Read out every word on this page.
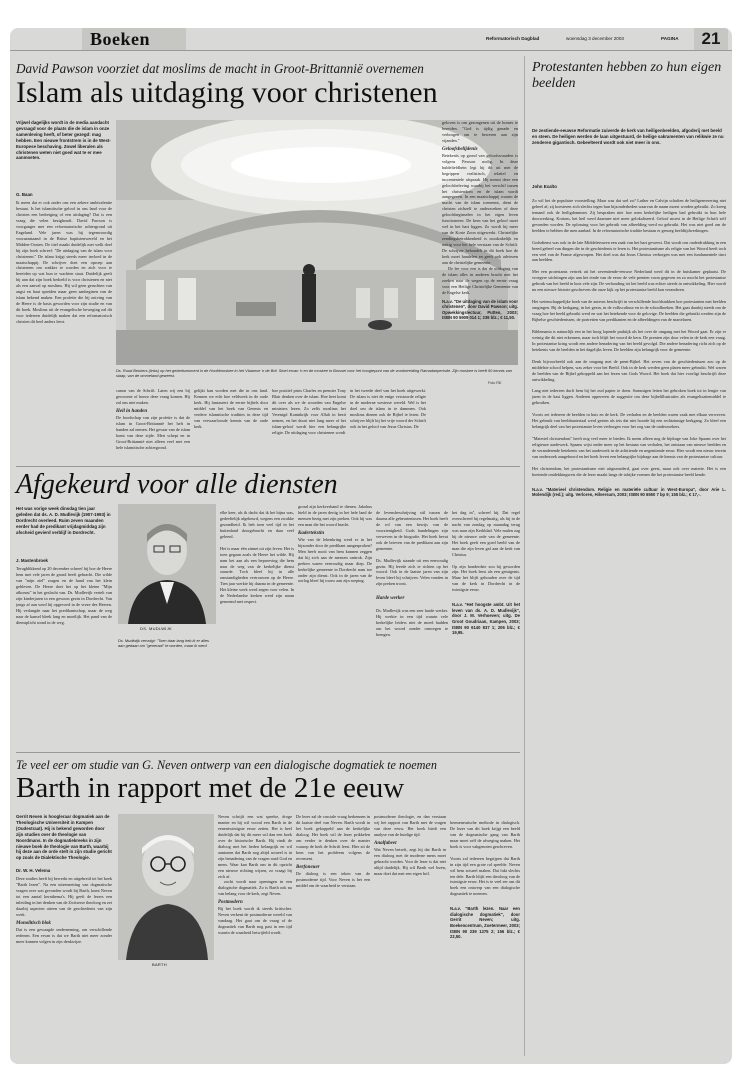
Boeken	Reformatorisch Dagblad	woensdag 3 december 2003	PAGINA	21
David Pawson voorziet dat moslims de macht in Groot-Brittannië overnemen
Islam als uitdaging voor christenen
Vrijwel dagelijks wordt in de media aandacht gevraagd voor de plaats die de islam in onze samenleving heeft, of beter gezegd: mag hebben. Een nieuwe frontstrem is in de West-Europese beschaving. Zowel liberalen als christenen weten niet goed wat te er mee aanmoeten.
G. Baan

Ik meen dat er ook onder ons een zekere ambivalentie bestaat. Is het islamitische geloof in ons land voor de christen een bedreiging of een uitdaging? Dat is een vraag die velen bezighoudt. David Pawson is voorganger met een reformatorische achtergrond uit Engeland. Vele jaren was hij tegenwoordig vooraanstaand in de Britse baptistenwereld en het Midden-Oosten. De titel maakt duidelijk met welk doel hij zijn boek schreef: "De uitdaging van de islam voor christenen." De islam krijgt steeds meer invloed in de maatschappij. De schrijver doet een oproep aan christenen om wakker te worden en zich voor te bereiden op wat hun te wachten staat. Duidelijk geeft hij aan dat zijn boek bedoeld is voor christenen en niet als een aanval op moslims. Hij wil geen geruchten van angst en haat spreiden maar geen aanbeginen van de islam bekend maken. Een profetie die hij ontving van de Heere is de basis geworden voor zijn studie en van dit boek. Moslims uit de evangelische beweging zal dit voor iedereen duidelijk maken dat een reformatorisch christen dit heel anders leest.

Ds. Ruud Beukers (links) op het gebedsmoment in de Hoofdmoskee in het Vlaamse 'n de Brit. Stoel ervan 'n en de moskee in Brussel voor het hoogtepunt van de voorbereiding Ramadanperiode. Zijn moskee is heeft 50 kennis van slaap, van de ommeland geweest.
Foto RD

canon van de Schrift. Laten wij een bij gewoonte of hoezo deze vraag komen. Hij zal ons niet maken.

Heil in handen

De boodschap van zijn profetie is dat de islam in Groot-Brittannië het heft in handen zal nemen. Het gevaar van de islam komt van deze zijde. Men schept en in Groot-Brittannië niet alleen veel met een hele islamitische achtergrond.

gelijkt kan worden met die in ons land. Kennen we echt hoe veldwerk in de oude kerk. Hij fantaseert de eerste bijbels door middel van het boek van Genesis en verdere islamitische tradities in deze tijd van verwaarloosde kennis van de oude kerk.

hoe positief prins Charles en premier Tony Blair denken over de islam. Hoe heet komt dit over als we de woorden van Engelse ministers lezen. Zo zelfs moslims het Verenigd Koninkrijk voor Allah in bezit nemen, en het duurt niet lang meer of het islam-geloof wordt hier een belangrijke religie. De uitdaging voor christenen wordt

in het tweede deel van het boek uitgewerkt. De islam is niet de enige verstoorde religie in de moderne westerse wereld. Wel is het doel om de islam in te dammen. Ook moslims dienen ook de Bijbel te lezen. De schrijver blijft bij het vrije woord der Schrift ook in het geloof van Jezus Christus. De

geloven is om gezongenen uit de homes te bereiden. "God is tijdig genade en verborgen om te beweren aan zijn vijanden."

Geloofsbelijdenis

Betekenis op grond van geloofswaarden is volgens Pawson nodig. In deze huldeliefdhein legt hij dit uit met de begrippen realistisch, relatief en incrementele afspraak. Hij noemt deze een geloofsbeleving waarbij het verschil tussen het christendom en de islam wordt aangegeven. In een maatschappij waarin de macht van de islam toeneemt, dient de christen zichzelf te onderzoeken of deze geloofsbeginselen in het eigen leven functioneren. De kern van het geloof moet wel in het hart liggen. Zo wordt hij meer van de Korte Zoon uitgewerkt. Christelijke zendingsbetrokkenheid is noodzakelijk en nuttig voor het hele verstaan van de Schrift. De schrijver behandelt in dit boek hoe de kerk moet handelen en geeft ook adviezen aan de christelijke gemeente.

De lee voor een is dat de uitdaging van de islam alles in anderen bracht met het zoeken naar de wegen op de eerste vraag voor een Heilige Christelijke Gemeente van de Engelse kerk.

N.a.v. "De uitdaging van de islam voor christenen", door David Pawson; uitg. Opwekkingslectuur, Putten, 2003; ISBN 90 5909 014 1; 239 blz.; € 11,50.
Protestanten hebben zo hun eigen beelden
De zestiende-eeuwse Reformatie zuiverde de kerk van heiligenbeelden, afgoderij met beeld en steen. De heiligen werden de laan uitgestuurd, de heilige sakramenten van relikwie ze nu zenderen gigantisch. Gebeelteerd wordt ook niet meer in ons.
John Exalto

Zo wil het de populaire voorstelling. Maar was dat wel zo? Luther en Calvijn schaften de heiligenverering niet geheel af; zij koesteren zich slechts tegen hun bijzonderheden waarvan de naam moest worden gebruikt. Zo kreeg iemand ook de heiligdommen. Zij bespraken niet hoe men kerkelijke heiligen had gebruikt in hun hele doorwerking. Kortom, het heil werd daarmee niet meer gelokaliseerd. Geloof moest in de Heilige Schrift zelf gevonden worden. De oplossing voor het gebruik van afbeelding werd nu gebruikt. Het was niet goed om de beelden te hebben die men aanbad. In de reformatorische traditie bestaan er genoeg beeldtijdwerkingen.

Godsdienst was ook in de late Middeleeuwen een zaak van het hart geweest. Dat wordt ons onderdrukking in een breed geheel van dingen die in de geschiedenis te leren is. Het protestantisme als religie van het Woord heeft toch een veel van de Franse afgeworpen. Het doel was dat Jezus Christus verborgen was met een fundamentele tinct aan beelden.

Met een protestants vertrek uit het zeventiende-eeuwse Nederland werd dit in de huiskamer geplaatst. De vroegere stichtingen zijn aan het einde van de eeuw de vele prenten vorm gegeven en zo mocht het protestantse gebruik van het beeld in huis vele zijn. De verhouding tot het beeld was echter steeds in ontwikkeling. Hier wordt nu een nieuwe historie geschreven die onze kijk op het protestantse beeld kan veranderen.

Het wetenschappelijke boek van de auteurs beschrijft in verschillende hoofdstukken hoe protestanten met beelden omgingen. Bij de kerkgang, in het gezin, in de volkscultuur en in de schoolboeken. Het gaat daarbij steeds om de vraag hoe het beeld gebruikt werd en wat het betekende voor de gelovige. De beelden die gebruikt werden zijn de Bijbelse geschiedenissen, de portretten van predikanten en de afbeeldingen van de martelaren.

Biblemania is natuurlijk een in het hoog lopende praktijk als het over de omgang met het Woord gaat. Er zijn er weinig die dit niet erkennen, maar toch blijft het woord de kern. De prenten zijn door velen in de kerk een vraag. In protestantse kring wordt een andere benadering van het beeld gevolgd. Die andere benadering richt zich op de betekenis van de beelden in het dagelijks leven. De beelden zijn belangrijk voor de gemeente.

Denk bijvoorbeeld ook aan de omgang met de prent-Bijbel. Het zeven van de geschiedenissen zou op de middelste school helpen, was zeker voor het Beeld. Ook in de kerk werden geen platen meer gebruikt. Wel waren de beelden van de Bijbel gekoppeld aan het lezen van Gods Woord. Het boek dat hier voorligt beschrijft deze ontwikkeling.

Lang niet iedereen durft hem bij het oud papier te doen. Sommigen letten het gebroken boek tot in lengte van jaren in de kast liggen. Anderen oppereren de suggestie om deze bijbelillustraties als evangelisatiemiddel te gebruiken.

Voorts zet iedereen de beelden in huis en de kerk. De verhalen en de beelden waren vaak met elkaar verweven. Het gebruik van beeldmateriaal werd gezien als iets dat niet hoorde bij een rechtzinnige kerkgang. Zo bleef een belangrijk deel van het protestantse leven verborgen voor het oog van de onderzoekers.

"Materiel christendom" heeft nog veel meer te bieden. Ik noem alleen nog de bijdrage van Joke Spaans over het religieuze aardewerk. Spaans wijst onder meer op het bestaan van verhalen, het ontstaan van nieuwe beelden en de veranderende betekenis van het aardewerk in de achttiende en negentiende eeuw. Hier wordt een nieuw terrein van onderzoek aangeboord en het boek levert een belangrijke bijdrage aan de kennis van de protestantse cultuur.

Het christendom, het protestantisme niet uitgezonderd, gaat over geest, maar ook over materie. Het is een boeiende ontdekkingsreis die de lezer maakt langs de talrijke vormen die het protestantse beeld kende.

N.a.v. "Materieel christendom. Religie en materiële cultuur in West-Europa", door Arie L. Molendijk (red.); uitg. Verloren, Hilversum, 2003; ISBN 90 6550 7 bp 9; 155 blz.; € 17,-.

Afgekeurd voor alle diensten
Het was vorige week dinsdag tien jaar geleden dat ds. A. D. Mudlevijk (1907-1993) in Dordrecht overleed. Ruim zeven maanden eerder had de predikant vrijdagmiddag zijn afscheid gevierd verblijf in Dordrecht.
J. Mastenbroek

Terugblikkend op 20 december schreef hij hoe de Heere hem met vele jaren de grond heeft gebracht. Die wilde van "mijn ziel" zorgen en de hand van het klein gebleven. De Heere doet het op het kleine "Mijn afkomst" in het geslacht van. Ds. Mudlevijk vertelt van zijn kinderjaren in een gewoon gezin in Dordrecht. Van jongs af aan werd hij opgevoed in de vreze des Heeren. Hij verlangde naar het predikantschap, maar de weg naar de kansel bleek lang en moeilijk. Het pand van de dienstplicht stond in de weg.

DS. MUDLWIJK
Ds. Mudlwijk vervolgt: "Toen daar lang heb ik er alles aan gedaan om "generaal" te worden, maar ik werd

elke keer, als ik dacht dat ik het bijna was, gedeeltelijk afgekeurd, wegens een zwakke gezondheid. Ik heb toen veel tijd in het buitenland doorgebracht en daar veel geleerd.

Het is maar één zinnet uit zijn leven. Het is toen gegaan zoals de Heere het wilde. Hij nam het aan als een beproeving die hem naar de weg van de kerkelijke dienst stuurde. Toch bleef hij in alle omstandigheden vertrouwen op de Heere. Tien jaar werkte hij daarna in de gemeente. Het kleine werk werd zegen voor velen. In de Nederlandse kerken werd zijn naam genoemd met respect.

grond zijn kerkverband te dienen. Jakobus hield in de jaren dertig in het hele land de mensen bezig met zijn preken. Ook hij was een man die het woord bracht.

Kadertekstin

Wie van de lekenkring werd er in het bijzonder door de predikant aangesproken? Men heeft nooit van hem kunnen zeggen dat hij zich aan de mensen onttrok. Zijn preken waren eenvoudig maar diep. De kerkelijke gemeente in Dordrecht nam toe onder zijn dienst. Ook in de jaren van de oorlog bleef hij trouw aan zijn roeping.

de levensbeschrijving stil tussen de daarna alle gebeurtenissen. Het boek heeft de rol van een bewijs van de voorzienigheid. Gods handelingen zijn verweven in de biografie. Het boek bevat ook de brieven van de predikant aan zijn gemeente.

Ds. Mudlevijk stamde uit een eenvoudig gezin. Hij leerde zich te richten op het woord. Ook in de laatste jaren van zijn leven bleef hij schrijven. Velen vonden in zijn preken troost.

Harde werker

Ds. Mudlevijk was een zeer harde werker. Hij werkte in een tijd waarin vele kerkelijke leiders niet de moed hadden om het woord zonder omwegen te brengen.

het dag in", schreef hij. Dat regel overschreed hij regelmatig, als hij in de nacht van zondag op maandag terug was naar zijn Kerkblad. Vele malen zag hij de nieuwe orde van de gemeente. Het boek geeft een goed beeld van de man die zijn leven gaf aan de kerk van Christus.

Op zijn honderdste zou hij geworden zijn. Het boek leest als een getuigenis. Maar het blijft gehouden over de tijd van de kerk in Dordrecht in de twintigste eeuw.

N.a.v. "Het hoogste ambt. Uit het leven van ds. A. D. Mudlevijk", door J. M. Verhoeven; uitg. De Groot Goudriaan, Kampen, 2003; ISBN 90 6140 837 1; 206 blz.; € 19,95.

Te veel eer om studie van G. Neven ontwerp van een dialogische dogmatiek te noemen
Barth in rapport met de 21e eeuw
Gerrit Neven is hoogleraar dogmatiek aan de Theologische Universiteit in Kampen (Oudestraat). Hij is bekend geworden door zijn studies over de theologie van Noordmans. In de dogmatiekreeks in zijn nieuwe boek de theologie van Barth, waarbij hij deze aan de orde stelt in zijn studie gericht op zoals de Dialektische Theologie.
Dr. W. H. Velema

Deze studies heeft hij bewerkt en uitgebreid tot het boek "Barth lezen". Na een uiteenzetting van dogmatische vragen over wat gevonden wordt bij Barth, komt Neven tot een aantal kernthema's. Hij geeft de lezers een inleiding in het denken van de Zwitserse theoloog en zet daarbij aspecten uiteen van de geschiedenis van zijn werk.

Monolitisch blok

Dat is een gewaagde onderneming, om verschillende redenen. Een ervan is dat we Barth niet meer zonder meer kunnen volgen in zijn denkwijze.

BARTH

Neven schrijft een wat speelse, droge manier en hij wil vooral een Barth in de eenentwintigste eeuw zetten. Het is heel duidelijk dat hij dit meer wil dan een boek over de historische Barth. Hij vindt de dialoog met het heden belangrijk en wil aantonen dat Barth nog altijd actueel is in zijn benadering van de vragen rond God en mens. Waar kan Barth ons in dit opzicht een nieuwe richting wijzen, zo vraagt hij zich af.

zocht wordt naar openingen in een dialogische dogmatiek. Zo is Barth ook nu van belang voor de kerk, zegt Neven.

Postmodern

Bij het boek wordt ik steeds kritischer. Neven verkent de postmoderne wereld van vandaag. Het gaat om de vraag of de dogmatiek van Barth nog past in een tijd waarin de waarheid betwijfeld wordt.

De lezer zal de cruciale vraag herkennen in dit laatste deel van Neven. Barth wordt in het boek gekoppeld aan de kerkelijke dialoog. Het boek wil de lezer prikkelen om verder te denken over de manier waarop de kerk de Schrift leest. Hier zit de kern van het probleem volgens de recensent.

Berfoneuer

De dialoog is een teken van de postmoderne tijd. Voor Neven is het een middel om de waarheid te verstaan.

postmoderne theologie, en dan verstaan wij het rapport van Barth met de vragen van deze eeuw. Het boek biedt een analyse van de huidige tijd.

Analfabeet

Wat Neven betreft, zegt hij dat Barth in een dialoog met de moderne mens moet gebracht worden. Voor de lezer is dat niet altijd duidelijk. Hij wil Barth wel lezen, maar doet dat met een eigen bril.

hermeneutische methode in dialogisch. De lezer van dit boek krijgt een beeld van de dogmatische gang van Barth maar moet zelf de afweging maken. Het boek is voor vakgenoten geschreven.

Voorts zal iedereen begrijpen dat Barth in zijn tijd een grote rol speelde. Neven wil hem actueel maken. Dat lukt slechts ten dele. Barth blijft een theoloog van de twintigste eeuw. Het is te veel eer om dit boek een ontwerp van een dialogische dogmatiek te noemen.

N.a.v. "Barth lezen. Naar een dialogische dogmatiek", door Gerrit Neven; uitg. Boekencentrum, Zoetermeer, 2003; ISBN 90 239 1375 2; 156 blz.; € 22,50.
